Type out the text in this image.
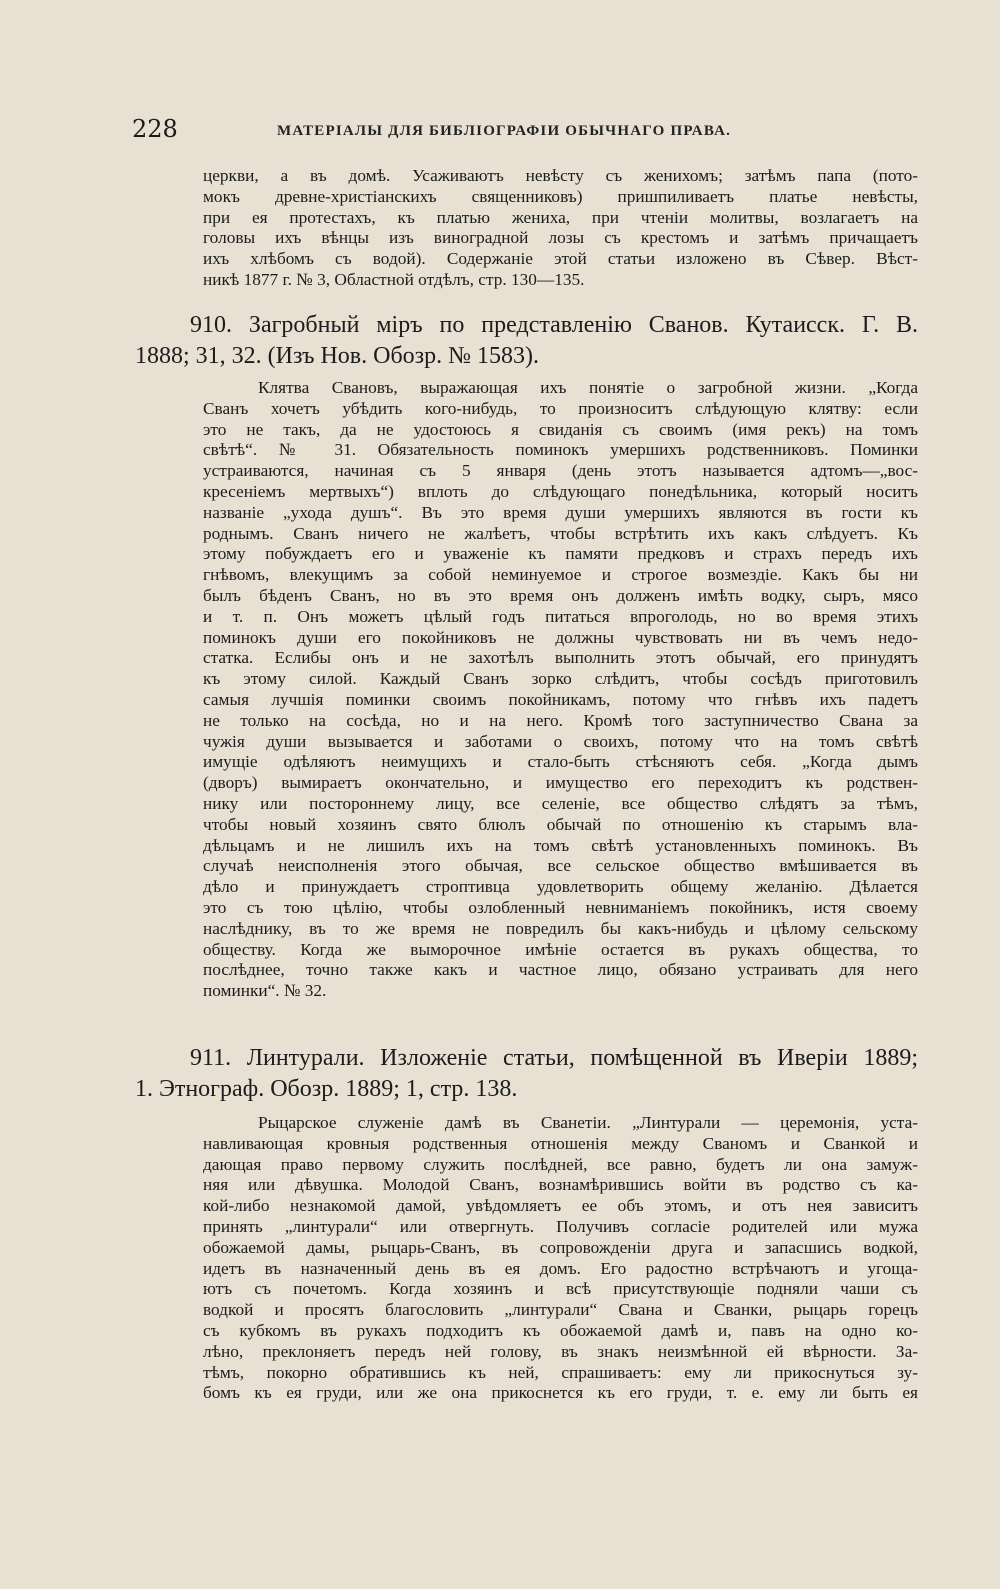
228	МАТЕРІАЛЫ ДЛЯ БИБЛІОГРАФІИ ОБЫЧНАГО ПРАВА.
церкви, а въ домѣ. Усаживаютъ невѣсту съ женихомъ; затѣмъ папа (пото-
мокъ древне-христіанскихъ священниковъ) пришпиливаетъ платье невѣсты,
при ея протестахъ, къ платью жениха, при чтеніи молитвы, возлагаетъ на
головы ихъ вѣнцы изъ виноградной лозы съ крестомъ и затѣмъ причащаетъ
ихъ хлѣбомъ съ водой). Содержаніе этой статьи изложено въ Сѣвер. Вѣст-
никѣ 1877 г. № 3, Областной отдѣлъ, стр. 130—135.
910. Загробный міръ по представленію Сванов. Кутаисск. Г. В.
1888; 31, 32. (Изъ Нов. Обозр. № 1583).
Клятва Свановъ, выражающая ихъ понятіе о загробной жизни. „Когда
Сванъ хочетъ убѣдить кого-нибудь, то произноситъ слѣдующую клятву: если
это не такъ, да не удостоюсь я свиданія съ своимъ (имя рекъ) на томъ
свѣтѣ“. № 31. Обязательность поминокъ умершихъ родственниковъ. Поминки
устраиваются, начиная съ 5 января (день этотъ называется адтомъ—„вос-
кресеніемъ мертвыхъ“) вплоть до слѣдующаго понедѣльника, который носитъ
названіе „ухода душъ“. Въ это время души умершихъ являются въ гости къ
роднымъ. Сванъ ничего не жалѣетъ, чтобы встрѣтить ихъ какъ слѣдуетъ. Къ
этому побуждаетъ его и уваженіе къ памяти предковъ и страхъ передъ ихъ
гнѣвомъ, влекущимъ за собой неминуемое и строгое возмездіе. Какъ бы ни
былъ бѣденъ Сванъ, но въ это время онъ долженъ имѣть водку, сыръ, мясо
и т. п. Онъ можетъ цѣлый годъ питаться впроголодь, но во время этихъ
поминокъ души его покойниковъ не должны чувствовать ни въ чемъ недо-
статка. Еслибы онъ и не захотѣлъ выполнить этотъ обычай, его принудятъ
къ этому силой. Каждый Сванъ зорко слѣдитъ, чтобы сосѣдъ приготовилъ
самыя лучшія поминки своимъ покойникамъ, потому что гнѣвъ ихъ падетъ
не только на сосѣда, но и на него. Кромѣ того заступничество Свана за
чужія души вызывается и заботами о своихъ, потому что на томъ свѣтѣ
имущіе одѣляютъ неимущихъ и стало-быть стѣсняютъ себя. „Когда дымъ
(дворъ) вымираетъ окончательно, и имущество его переходитъ къ родствен-
нику или постороннему лицу, все селеніе, все общество слѣдятъ за тѣмъ,
чтобы новый хозяинъ свято блюлъ обычай по отношенію къ старымъ вла-
дѣльцамъ и не лишилъ ихъ на томъ свѣтѣ установленныхъ поминокъ. Въ
случаѣ неисполненія этого обычая, все сельское общество вмѣшивается въ
дѣло и принуждаетъ строптивца удовлетворить общему желанію. Дѣлается
это съ тою цѣлію, чтобы озлобленный невниманіемъ покойникъ, истя своему
наслѣднику, въ то же время не повредилъ бы какъ-нибудь и цѣлому сельскому
обществу. Когда же выморочное имѣніе остается въ рукахъ общества, то
послѣднее, точно также какъ и частное лицо, обязано устраивать для него
поминки“. № 32.
911. Линтурали. Изложеніе статьи, помѣщенной въ Иверіи 1889;
1. Этнограф. Обозр. 1889; 1, стр. 138.
Рыцарское служеніе дамѣ въ Сванетіи. „Линтурали — церемонія, уста-
навливающая кровныя родственныя отношенія между Сваномъ и Сванкой и
дающая право первому служить послѣдней, все равно, будетъ ли она замуж-
няя или дѣвушка. Молодой Сванъ, вознамѣрившись войти въ родство съ ка-
кой-либо незнакомой дамой, увѣдомляетъ ее объ этомъ, и отъ нея зависитъ
принять „линтурали“ или отвергнуть. Получивъ согласіе родителей или мужа
обожаемой дамы, рыцарь-Сванъ, въ сопровожденіи друга и запасшись водкой,
идетъ въ назначенный день въ ея домъ. Его радостно встрѣчаютъ и угоща-
ютъ съ почетомъ. Когда хозяинъ и всѣ присутствующіе подняли чаши съ
водкой и просятъ благословить „линтурали“ Свана и Сванки, рыцарь горецъ
съ кубкомъ въ рукахъ подходитъ къ обожаемой дамѣ и, павъ на одно ко-
лѣно, преклоняетъ передъ ней голову, въ знакъ неизмѣнной ей вѣрности. За-
тѣмъ, покорно обратившись къ ней, спрашиваетъ: ему ли прикоснуться зу-
бомъ къ ея груди, или же она прикоснется къ его груди, т. е. ему ли быть ея
